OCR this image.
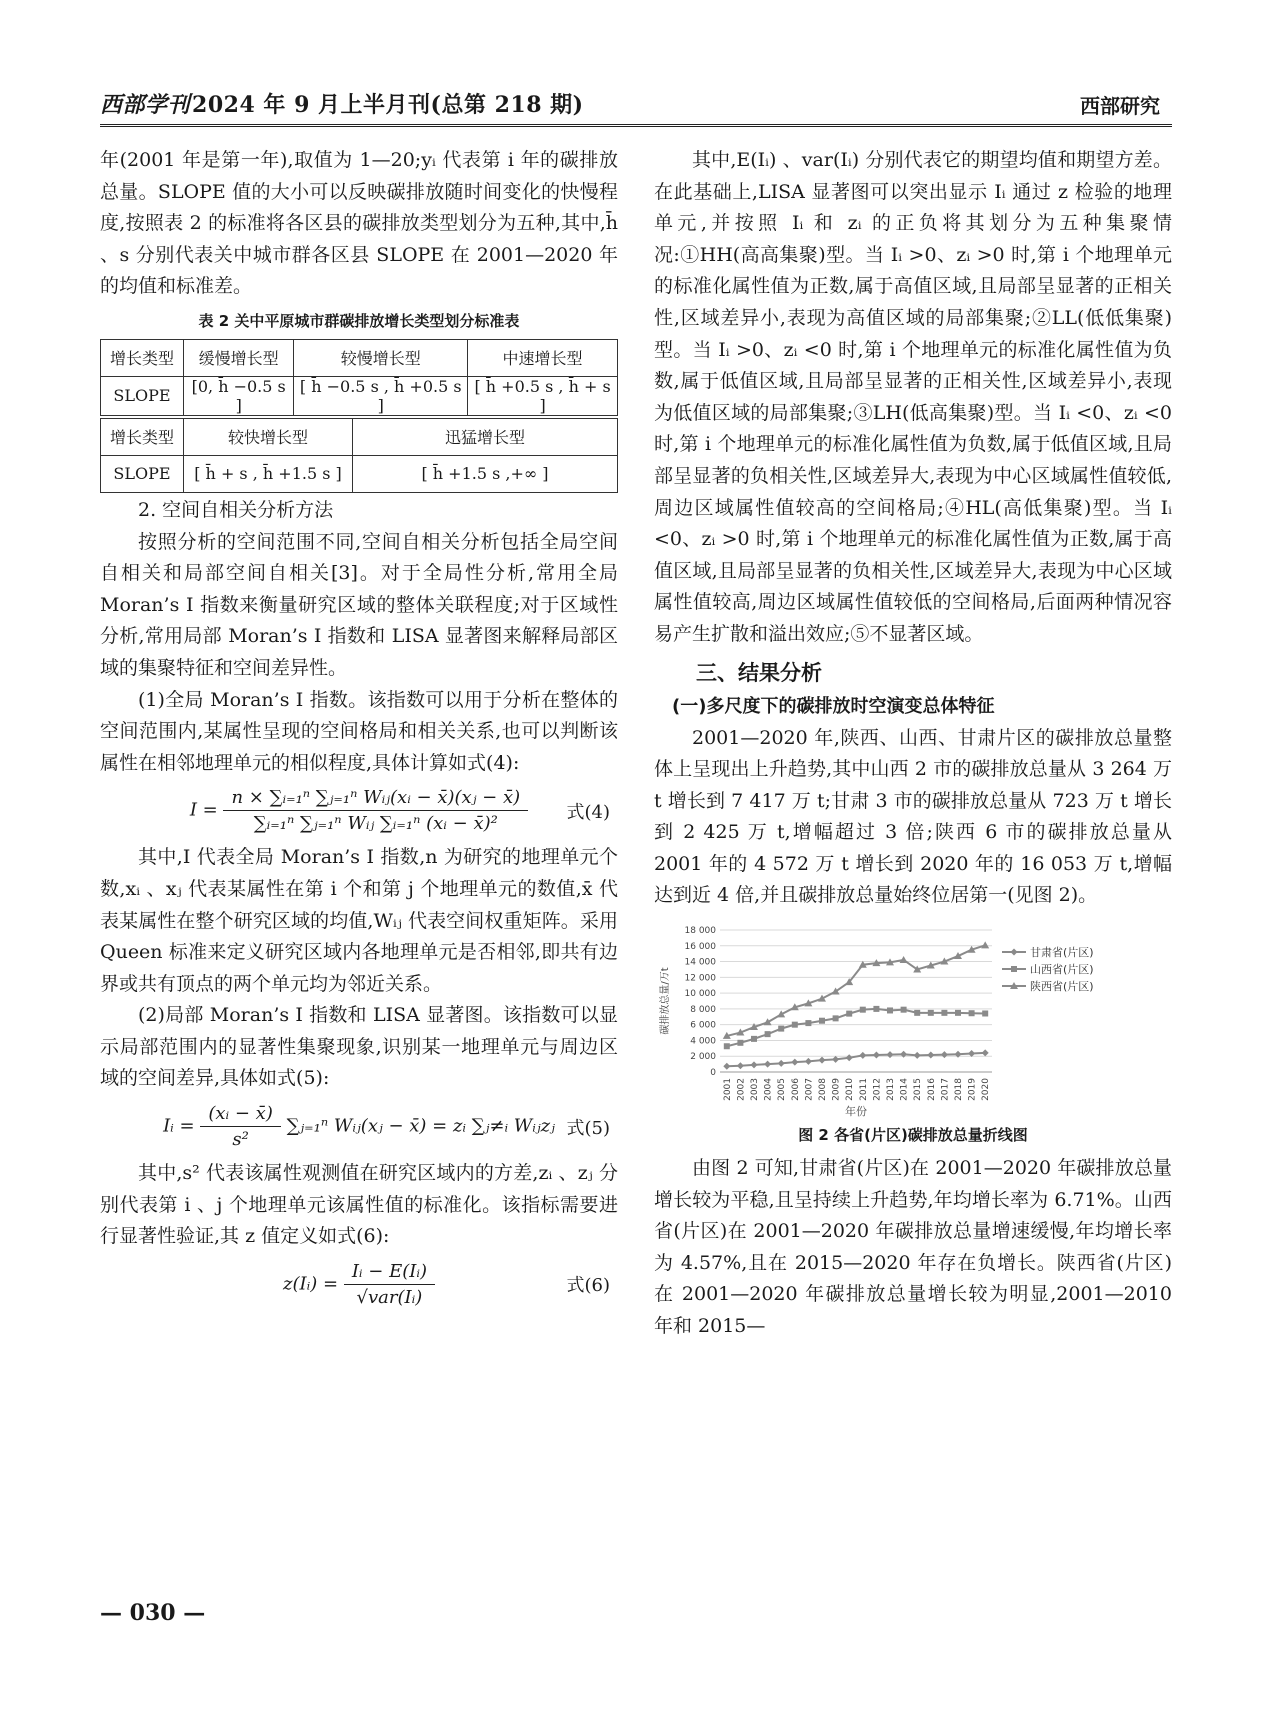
西部学刊2024 年 9 月上半月刊(总第 218 期)	西部研究

年(2001 年是第一年),取值为 1—20;yᵢ 代表第 i 年的碳排放总量。SLOPE 值的大小可以反映碳排放随时间变化的快慢程度,按照表 2 的标准将各区县的碳排放类型划分为五种,其中,h̄ 、s 分别代表关中城市群各区县 SLOPE 在 2001—2020 年的均值和标准差。

表 2 关中平原城市群碳排放增长类型划分标准表
增长类型	缓慢增长型	较慢增长型	中速增长型
SLOPE	[0, h̄ −0.5 s ]	[ h̄ −0.5 s , h̄ +0.5 s ]	[ h̄ +0.5 s , h̄ + s ]
增长类型	较快增长型	迅猛增长型
SLOPE	[ h̄ + s , h̄ +1.5 s ]	[ h̄ +1.5 s ,+∞ ]

2. 空间自相关分析方法

按照分析的空间范围不同,空间自相关分析包括全局空间自相关和局部空间自相关[3]。对于全局性分析,常用全局 Moran’s I 指数来衡量研究区域的整体关联程度;对于区域性分析,常用局部 Moran’s I 指数和 LISA 显著图来解释局部区域的集聚特征和空间差异性。

(1)全局 Moran’s I 指数。该指数可以用于分析在整体的空间范围内,某属性呈现的空间格局和相关关系,也可以判断该属性在相邻地理单元的相似程度,具体计算如式(4):

$I = \frac{\text{n × ∑ᵢ₌₁ⁿ ∑ⱼ₌₁ⁿ Wᵢⱼ(xᵢ − x̄)(xⱼ − x̄)}}{\text{∑ᵢ₌₁ⁿ ∑ⱼ₌₁ⁿ Wᵢⱼ ∑ᵢ₌₁ⁿ (xᵢ − x̄)²}}$ 式(4)

其中,I 代表全局 Moran’s I 指数,n 为研究的地理单元个数,xᵢ 、xⱼ 代表某属性在第 i 个和第 j 个地理单元的数值,x̄ 代表某属性在整个研究区域的均值,Wᵢⱼ 代表空间权重矩阵。采用 Queen 标准来定义研究区域内各地理单元是否相邻,即共有边界或共有顶点的两个单元均为邻近关系。

(2)局部 Moran’s I 指数和 LISA 显著图。该指数可以显示局部范围内的显著性集聚现象,识别某一地理单元与周边区域的空间差异,具体如式(5):

Iᵢ = $\frac{\text{(xᵢ − x̄)}}{\text{s²}}$ ∑ⱼ₌₁ⁿ Wᵢⱼ(xⱼ − x̄) = zᵢ ∑ⱼ≠ᵢ Wᵢⱼzⱼ 式(5)

其中,s² 代表该属性观测值在研究区域内的方差,zᵢ 、zⱼ 分别代表第 i 、j 个地理单元该属性值的标准化。该指标需要进行显著性验证,其 z 值定义如式(6):

z(Iᵢ) = $\frac{\text{Iᵢ − E(Iᵢ)}}{\text{√var(Iᵢ)}}$	式(6)

其中,E(Iᵢ) 、var(Iᵢ) 分别代表它的期望均值和期望方差。在此基础上,LISA 显著图可以突出显示 Iᵢ 通过 z 检验的地理单元,并按照 Iᵢ 和 zᵢ 的正负将其划分为五种集聚情况:①HH(高高集聚)型。当 Iᵢ >0、zᵢ >0 时,第 i 个地理单元的标准化属性值为正数,属于高值区域,且局部呈显著的正相关性,区域差异小,表现为高值区域的局部集聚;②LL(低低集聚)型。当 Iᵢ >0、zᵢ <0 时,第 i 个地理单元的标准化属性值为负数,属于低值区域,且局部呈显著的正相关性,区域差异小,表现为低值区域的局部集聚;③LH(低高集聚)型。当 Iᵢ <0、zᵢ <0 时,第 i 个地理单元的标准化属性值为负数,属于低值区域,且局部呈显著的负相关性,区域差异大,表现为中心区域属性值较低,周边区域属性值较高的空间格局;④HL(高低集聚)型。当 Iᵢ <0、zᵢ >0 时,第 i 个地理单元的标准化属性值为正数,属于高值区域,且局部呈显著的负相关性,区域差异大,表现为中心区域属性值较高,周边区域属性值较低的空间格局,后面两种情况容易产生扩散和溢出效应;⑤不显著区域。

三、结果分析
(一)多尺度下的碳排放时空演变总体特征

2001—2020 年,陕西、山西、甘肃片区的碳排放总量整体上呈现出上升趋势,其中山西 2 市的碳排放总量从 3 264 万 t 增长到 7 417 万 t;甘肃 3 市的碳排放总量从 723 万 t 增长到 2 425 万 t,增幅超过 3 倍;陕西 6 市的碳排放总量从 2001 年的 4 572 万 t 增长到 2020 年的 16 053 万 t,增幅达到近 4 倍,并且碳排放总量始终位居第一(见图 2)。

0
2 000
4 000
6 000
8 000
10 000
12 000
14 000
16 000
18 000
2001 2002 2003 2004 2005 2006 2007 2008 2009 2010 2011 2012 2013 2014 2015 2016 2017 2018 2019 2020
年份
碳排放总量/万t
甘肃省(片区)
山西省(片区)
陕西省(片区)
图 2 各省(片区)碳排放总量折线图

由图 2 可知,甘肃省(片区)在 2001—2020 年碳排放总量增长较为平稳,且呈持续上升趋势,年均增长率为 6.71%。山西省(片区)在 2001—2020 年碳排放总量增速缓慢,年均增长率为 4.57%,且在 2015—2020 年存在负增长。陕西省(片区)在 2001—2020 年碳排放总量增长较为明显,2001—2010 年和 2015—

— 030 —
